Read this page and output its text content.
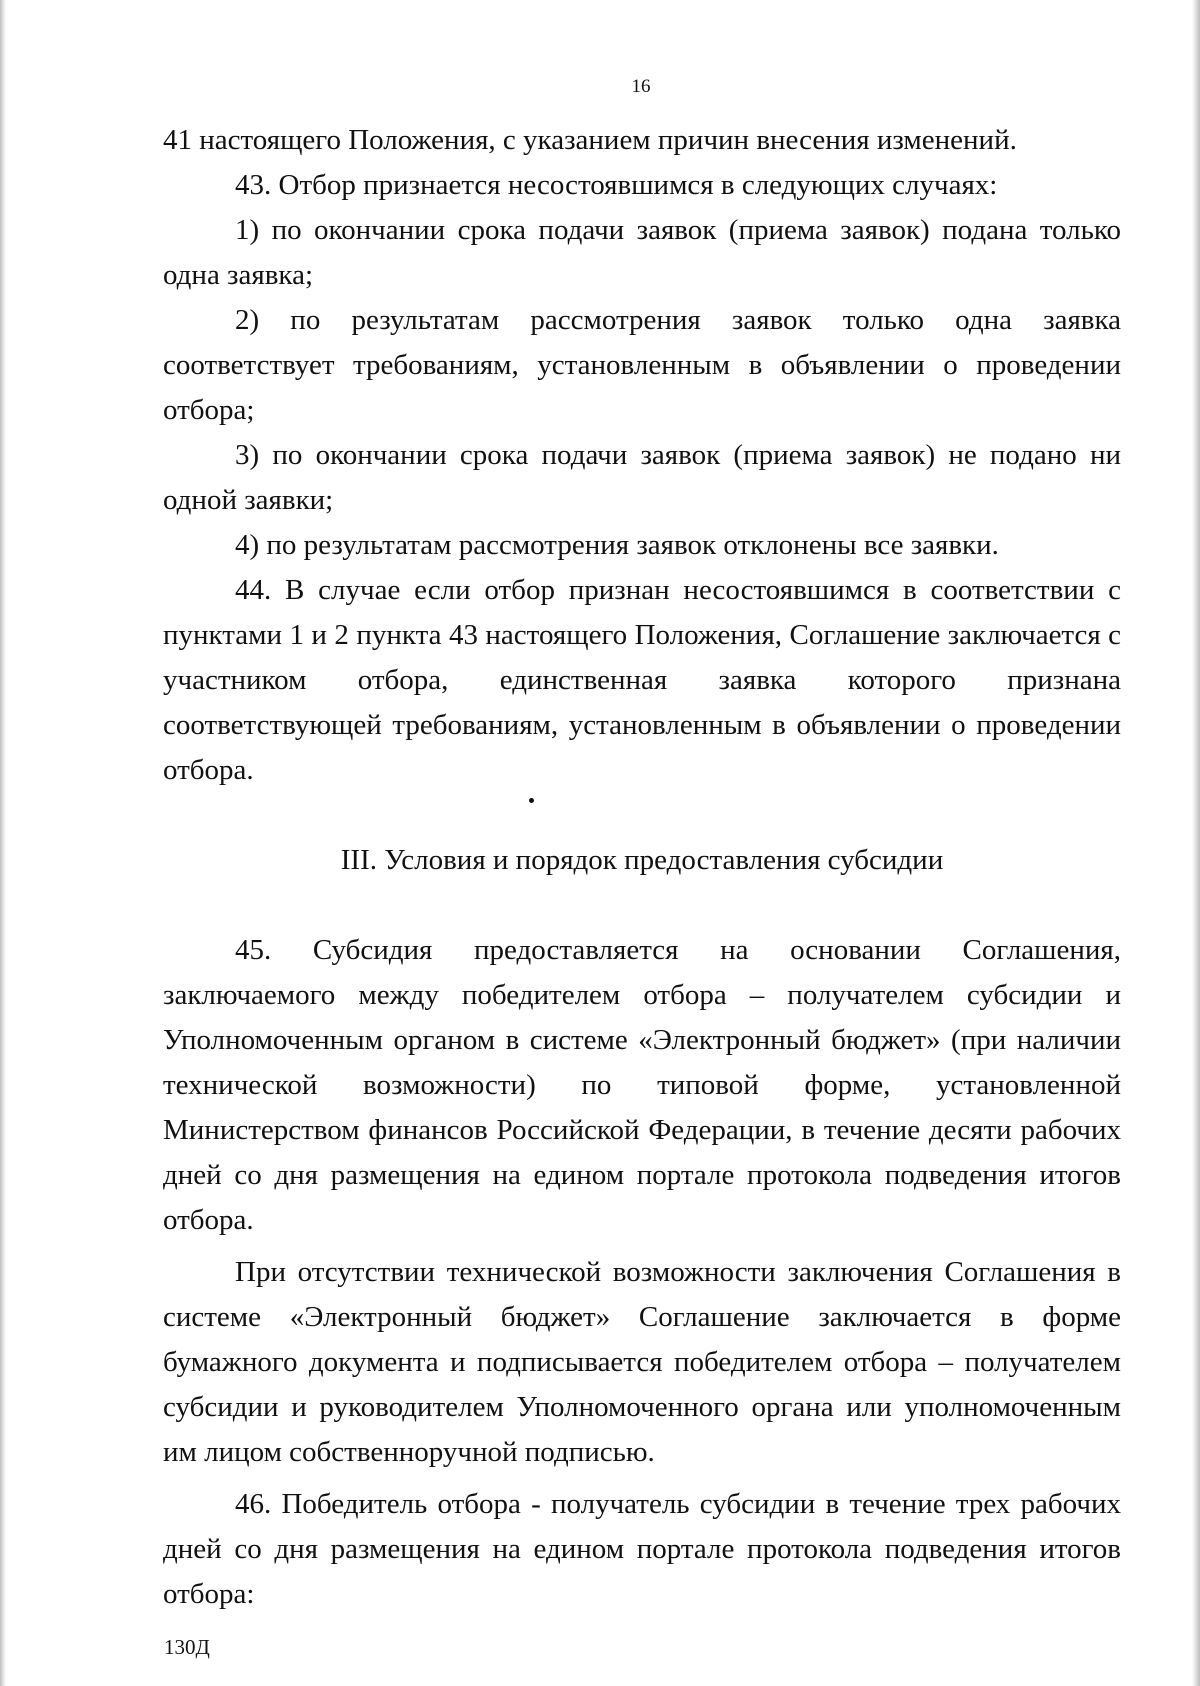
16

41 настоящего Положения, с указанием причин внесения изменений.

43. Отбор признается несостоявшимся в следующих случаях:

1) по окончании срока подачи заявок (приема заявок) подана только одна заявка;

2) по результатам рассмотрения заявок только одна заявка соответствует требованиям, установленным в объявлении о проведении отбора;

3) по окончании срока подачи заявок (приема заявок) не подано ни одной заявки;

4) по результатам рассмотрения заявок отклонены все заявки.

44. В случае если отбор признан несостоявшимся в соответствии с пунктами 1 и 2 пункта 43 настоящего Положения, Соглашение заключается с участником отбора, единственная заявка которого признана соответствующей требованиям, установленным в объявлении о проведении отбора.

III. Условия и порядок предоставления субсидии

45. Субсидия предоставляется на основании Соглашения, заключаемого между победителем отбора – получателем субсидии и Уполномоченным органом в системе «Электронный бюджет» (при наличии технической возможности) по типовой форме, установленной Министерством финансов Российской Федерации, в течение десяти рабочих дней со дня размещения на едином портале протокола подведения итогов отбора.

При отсутствии технической возможности заключения Соглашения в системе «Электронный бюджет» Соглашение заключается в форме бумажного документа и подписывается победителем отбора – получателем субсидии и руководителем Уполномоченного органа или уполномоченным им лицом собственноручной подписью.

46. Победитель отбора - получатель субсидии в течение трех рабочих дней со дня размещения на едином портале протокола подведения итогов отбора:

130Д
